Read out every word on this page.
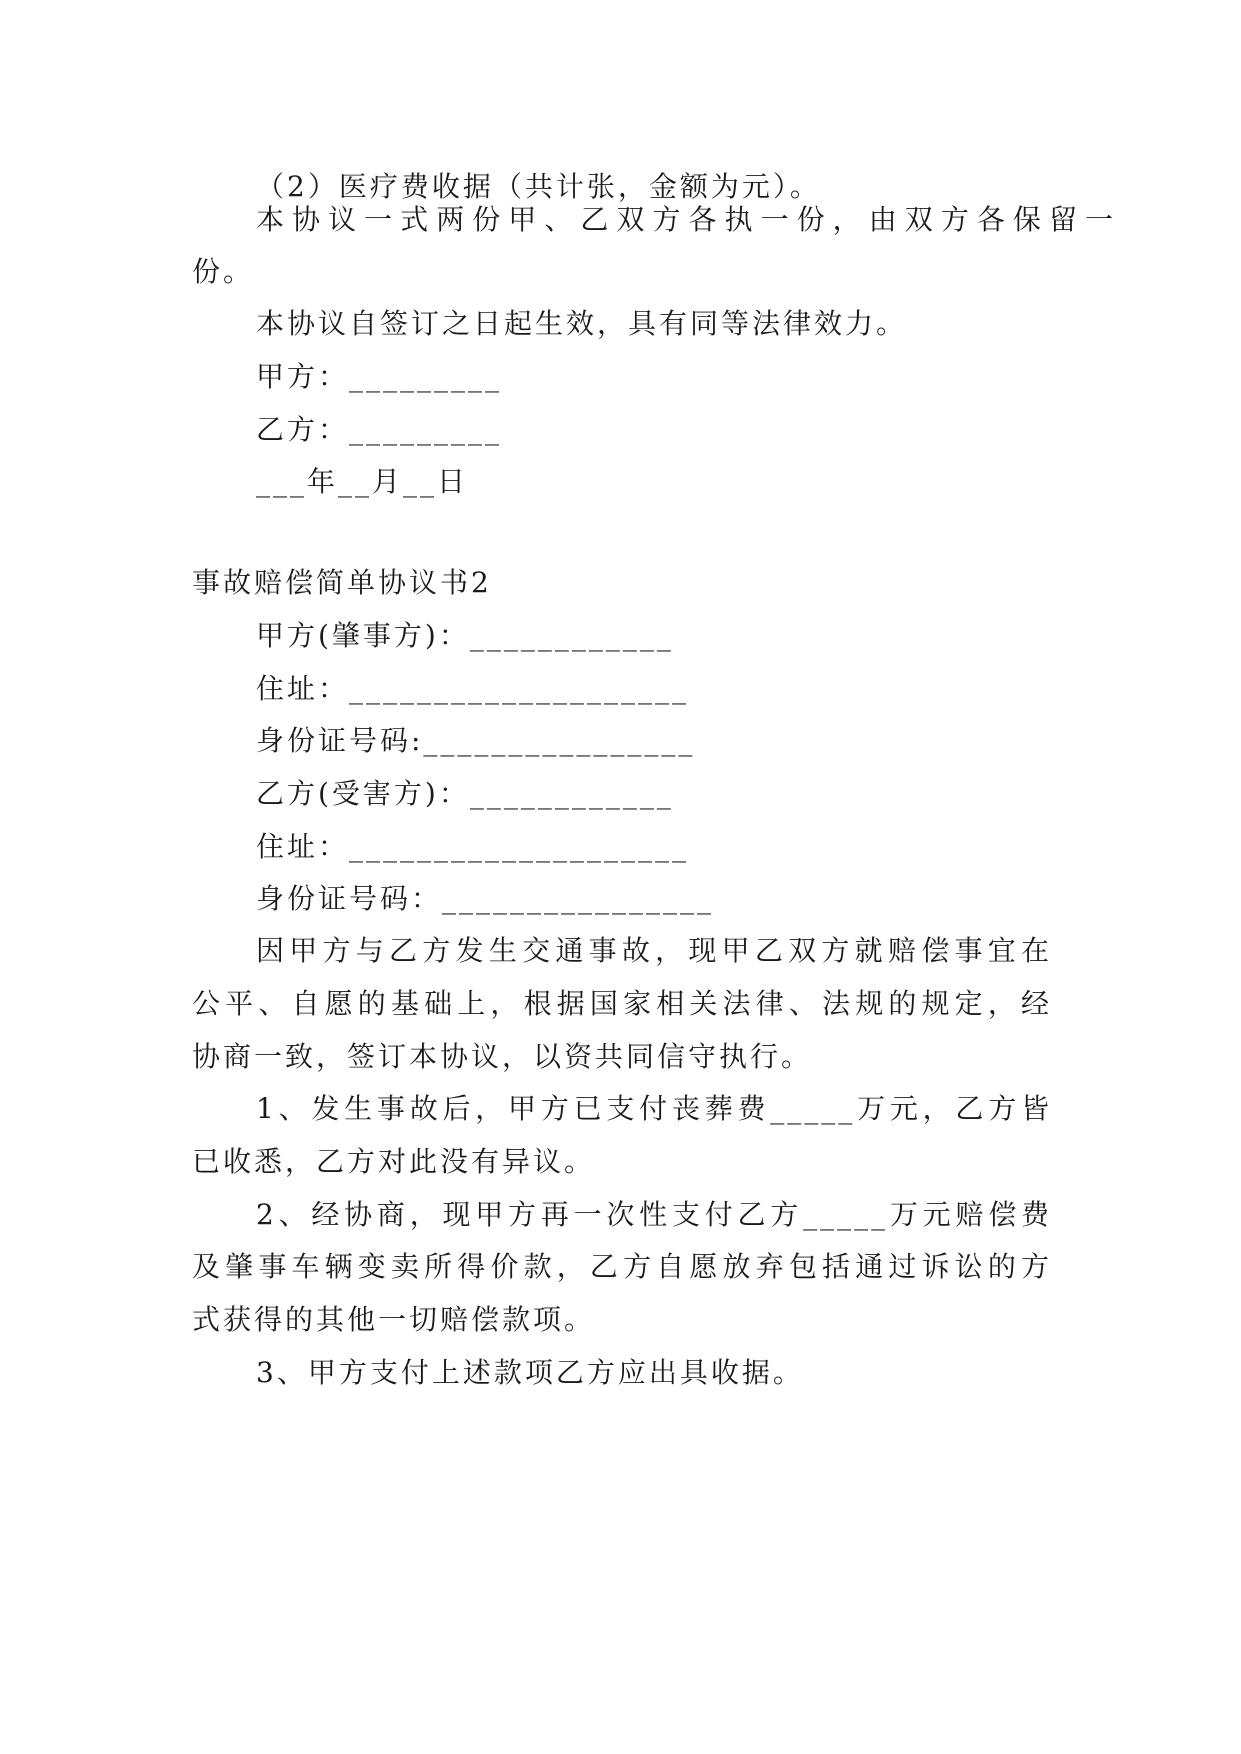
（2）医疗费收据（共计张，金额为元）。
本协议一式两份甲、乙双方各执一份，由双方各保留一
份。
本协议自签订之日起生效，具有同等法律效力。
甲方：_________
乙方：_________
___年__月__日
事故赔偿简单协议书2
甲方(肇事方)：____________
住址：____________________
身份证号码:________________
乙方(受害方)：____________
住址：____________________
身份证号码：________________
因甲方与乙方发生交通事故，现甲乙双方就赔偿事宜在
公平、自愿的基础上，根据国家相关法律、法规的规定，经
协商一致，签订本协议，以资共同信守执行。
1、发生事故后，甲方已支付丧葬费_____万元，乙方皆
已收悉，乙方对此没有异议。
2、经协商，现甲方再一次性支付乙方_____万元赔偿费
及肇事车辆变卖所得价款，乙方自愿放弃包括通过诉讼的方
式获得的其他一切赔偿款项。
3、甲方支付上述款项乙方应出具收据。
